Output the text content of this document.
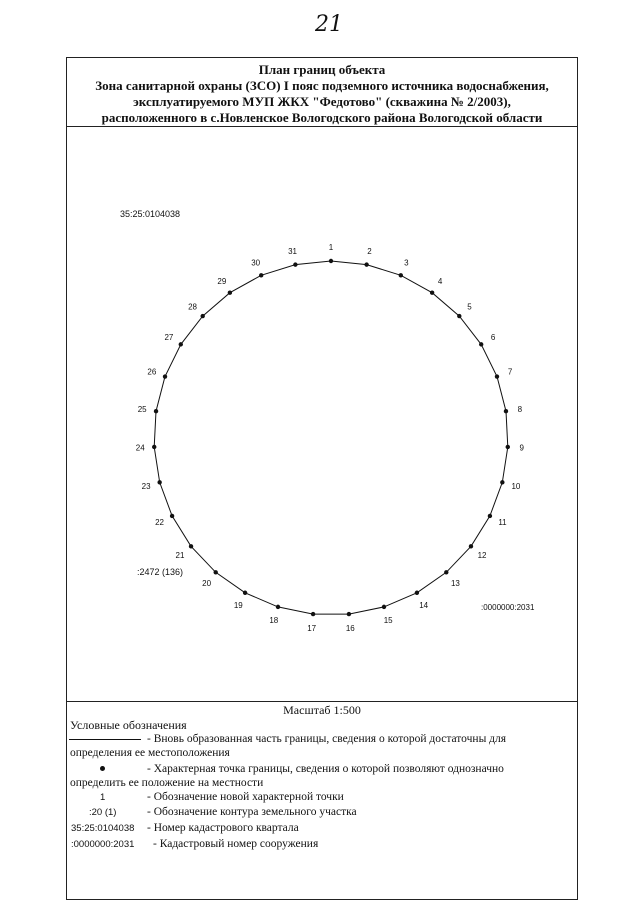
21
План границ объекта
Зона санитарной охраны (ЗСО) I пояс подземного источника водоснабжения,
эксплуатируемого МУП ЖКХ "Федотово" (скважина № 2/2003),
расположенного в с.Новленское Вологодского района Вологодской области
1	2
3
4
5
6
7
8
9
10
11
12
13
14
15
16
17
18
19
20
21
22
23
24
25
26
27
28
29
30
31
35:25:0104038
:2472 (136)
:0000000:2031
Масштаб 1:500
Условные обозначения
- Вновь образованная часть границы, сведения о которой достаточны для
определения ее местоположения
- Характерная точка границы, сведения о которой позволяют однозначно
определить ее положение на местности
1	- Обозначение новой характерной точки
:20 (1)	- Обозначение контура земельного участка
35:25:0104038 - Номер кадастрового квартала
:0000000:2031 - Кадастровый номер сооружения
